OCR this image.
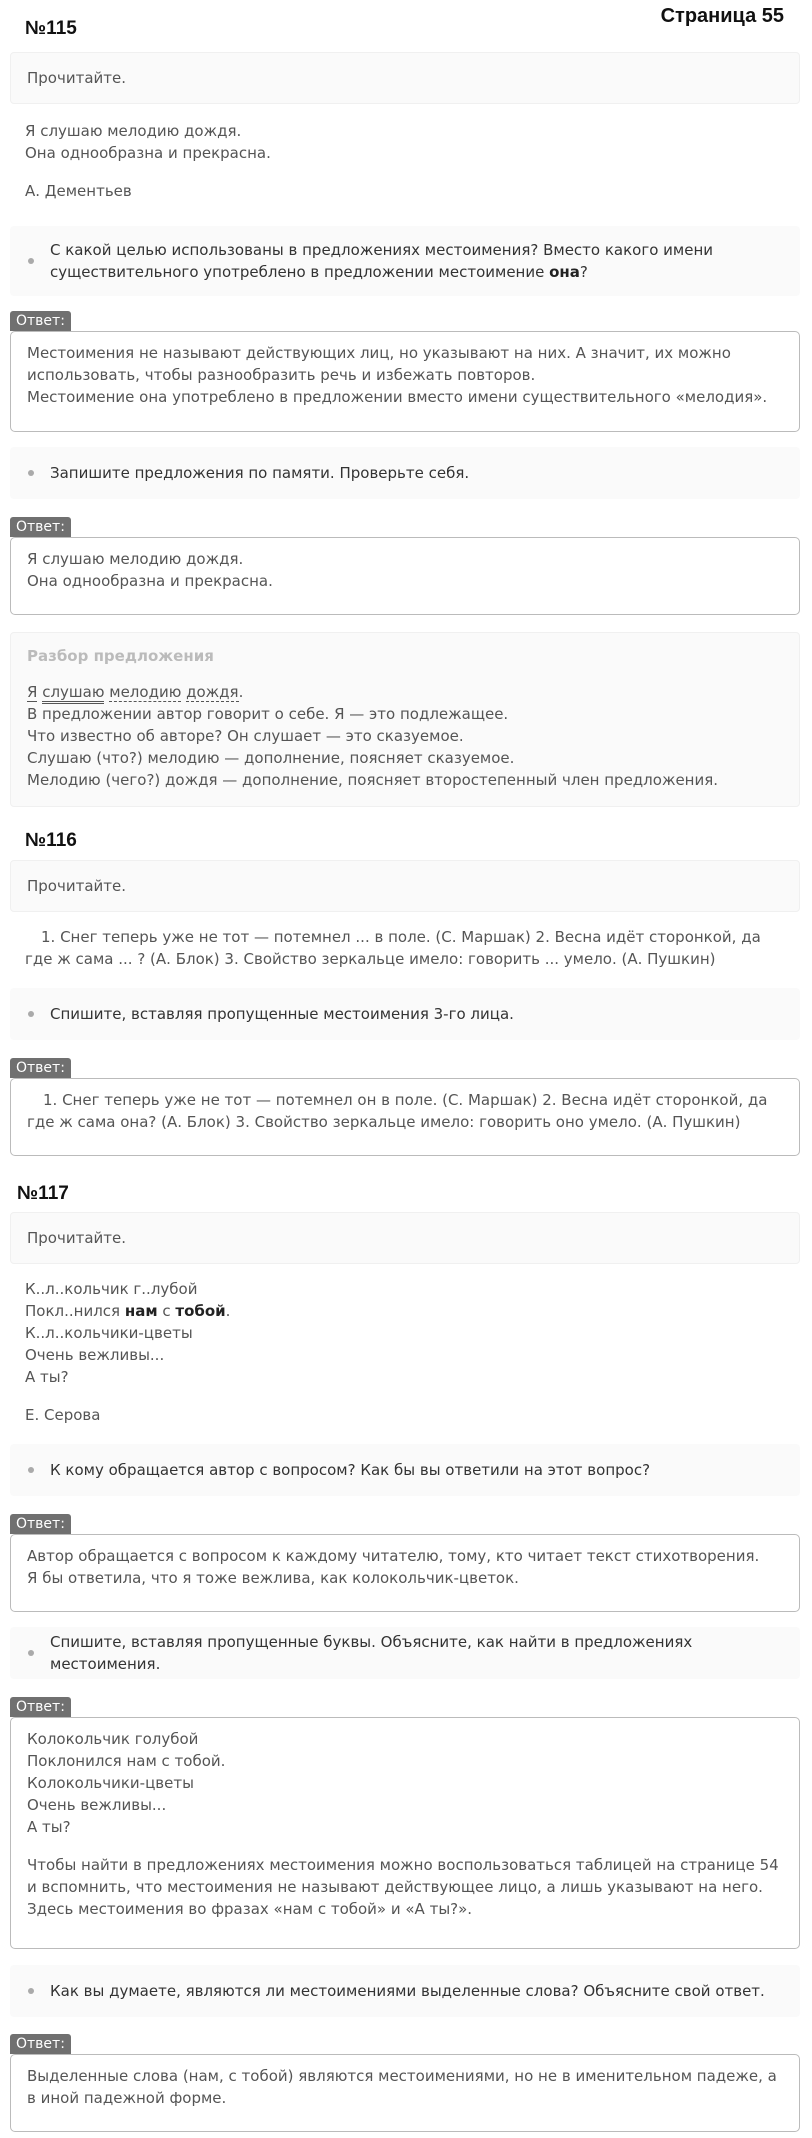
Страница 55
№115
Прочитайте.

Я слушаю мелодию дождя.

Она однообразна и прекрасна.

А. Дементьев

С какой целью использованы в предложениях местоимения? Вместо какого имени существительного употреблено в предложении местоимение она?
Ответ:

Местоимения не называют действующих лиц, но указывают на них. А значит, их можно использовать, чтобы разнообразить речь и избежать повторов.

Местоимение она употреблено в предложении вместо имени существительного «мелодия».

Запишите предложения по памяти. Проверьте себя.
Ответ:

Я слушаю мелодию дождя.

Она однообразна и прекрасна.

Разбор предложения

Я слушаю мелодию дождя.

В предложении автор говорит о себе. Я — это подлежащее.

Что известно об авторе? Он слушает — это сказуемое.

Слушаю (что?) мелодию — дополнение, поясняет сказуемое.

Мелодию (чего?) дождя — дополнение, поясняет второстепенный член предложения.

№116
Прочитайте.

1. Снег теперь уже не тот — потемнел ... в поле. (С. Маршак) 2. Весна идёт сторонкой, да где ж сама ... ? (А. Блок) 3. Свойство зеркальце имело: говорить ... умело. (А. Пушкин)

Спишите, вставляя пропущенные местоимения 3-го лица.
Ответ:

1. Снег теперь уже не тот — потемнел он в поле. (С. Маршак) 2. Весна идёт сторонкой, да где ж сама она? (А. Блок) 3. Свойство зеркальце имело: говорить оно умело. (А. Пушкин)

№117
Прочитайте.

К..л..кольчик г..лубой

Покл..нился нам с тобой.

К..л..кольчики-цветы

Очень вежливы...

А ты?

Е. Серова

К кому обращается автор с вопросом? Как бы вы ответили на этот вопрос?
Ответ:

Автор обращается с вопросом к каждому читателю, тому, кто читает текст стихотворения.

Я бы ответила, что я тоже вежлива, как колокольчик-цветок.

Спишите, вставляя пропущенные буквы. Объясните, как найти в предложениях местоимения.
Ответ:

Колокольчик голубой

Поклонился нам с тобой.

Колокольчики-цветы

Очень вежливы...

А ты?

Чтобы найти в предложениях местоимения можно воспользоваться таблицей на странице 54 и вспомнить, что местоимения не называют действующее лицо, а лишь указывают на него. Здесь местоимения во фразах «нам с тобой» и «А ты?».

Как вы думаете, являются ли местоимениями выделенные слова? Объясните свой ответ.
Ответ:

Выделенные слова (нам, с тобой) являются местоимениями, но не в именительном падеже, а в иной падежной форме.
